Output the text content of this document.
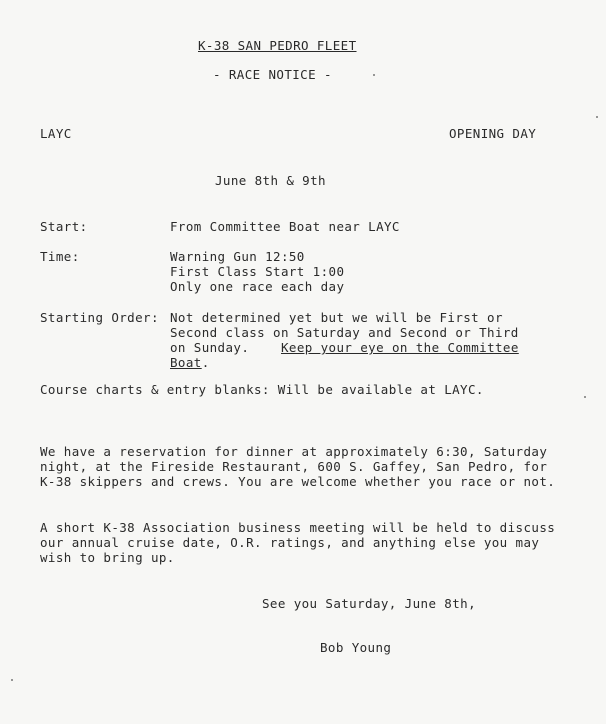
K-38 SAN PEDRO FLEET
- RACE NOTICE -
LAYC	OPENING DAY
June 8th & 9th
Start:	From Committee Boat near LAYC
Time:	Warning Gun 12:50
First Class Start 1:00
Only one race each day
Starting Order: Not determined yet but we will be First or
Second class on Saturday and Second or Third
on Sunday.	Keep your eye on the Committee
Boat.
Course charts & entry blanks: Will be available at LAYC.
We have a reservation for dinner at approximately 6:30, Saturday
night, at the Fireside Restaurant, 600 S. Gaffey, San Pedro, for
K-38 skippers and crews. You are welcome whether you race or not.
A short K-38 Association business meeting will be held to discuss
our annual cruise date, O.R. ratings, and anything else you may
wish to bring up.
See you Saturday, June 8th,
Bob Young
